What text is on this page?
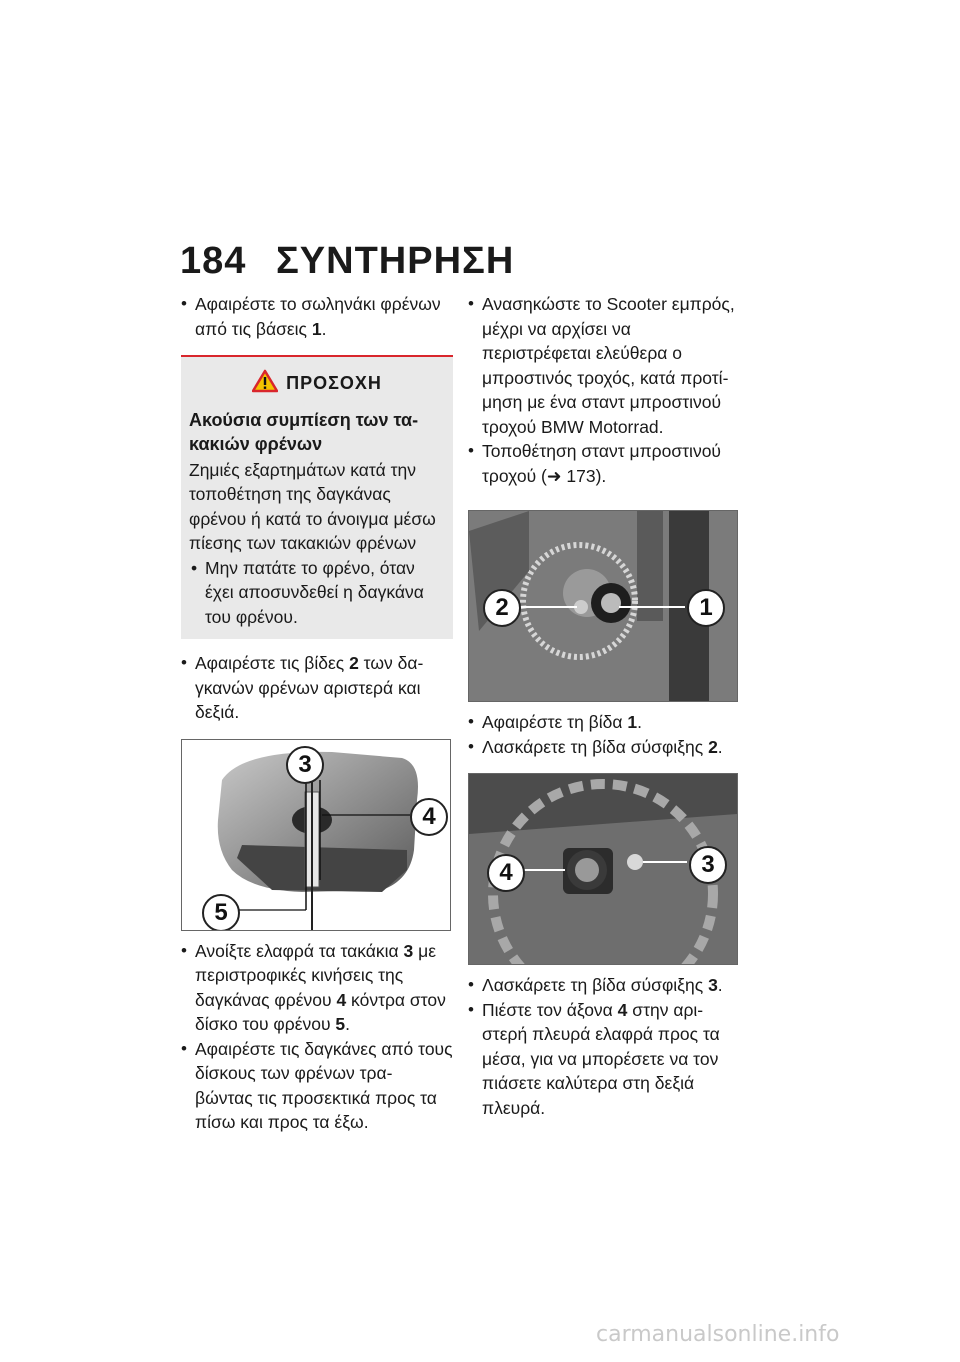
184 ΣΥΝΤΗΡΗΣΗ

• Αφαιρέστε το σωληνάκι φρένων από τις βάσεις 1.

ΠΡΟΣΟΧΗ
Ακούσια συμπίεση των τα- κακιών φρένων
Ζημιές εξαρτημάτων κατά την τοποθέτηση της δαγκάνας φρένου ή κατά το άνοιγμα μέσω πίεσης των τακακιών φρένων
• Μην πατάτε το φρένο, όταν έχει αποσυνδεθεί η δαγκάνα του φρένου.

• Αφαιρέστε τις βίδες 2 των δα- γκανών φρένων αριστερά και δεξιά.

3
4
5

• Ανοίξτε ελαφρά τα τακάκια 3 με περιστροφικές κινήσεις της δαγκάνας φρένου 4 κόντρα στον δίσκο του φρένου 5.

• Αφαιρέστε τις δαγκάνες από τους δίσκους των φρένων τρα- βώντας τις προσεκτικά προς τα πίσω και προς τα έξω.

• Ανασηκώστε το Scooter εμπρός, μέχρι να αρχίσει να περιστρέφεται ελεύθερα ο μπροστινός τροχός, κατά προτί- μηση με ένα σταντ μπροστινού τροχού BMW Motorrad.

• Τοποθέτηση σταντ μπροστινού τροχού (➜ 173).

2	1

• Αφαιρέστε τη βίδα 1.

• Λασκάρετε τη βίδα σύσφιξης 2.

4	3

• Λασκάρετε τη βίδα σύσφιξης 3.

• Πιέστε τον άξονα 4 στην αρι- στερή πλευρά ελαφρά προς τα μέσα, για να μπορέσετε να τον πιάσετε καλύτερα στη δεξιά πλευρά.

carmanualsonline.info
